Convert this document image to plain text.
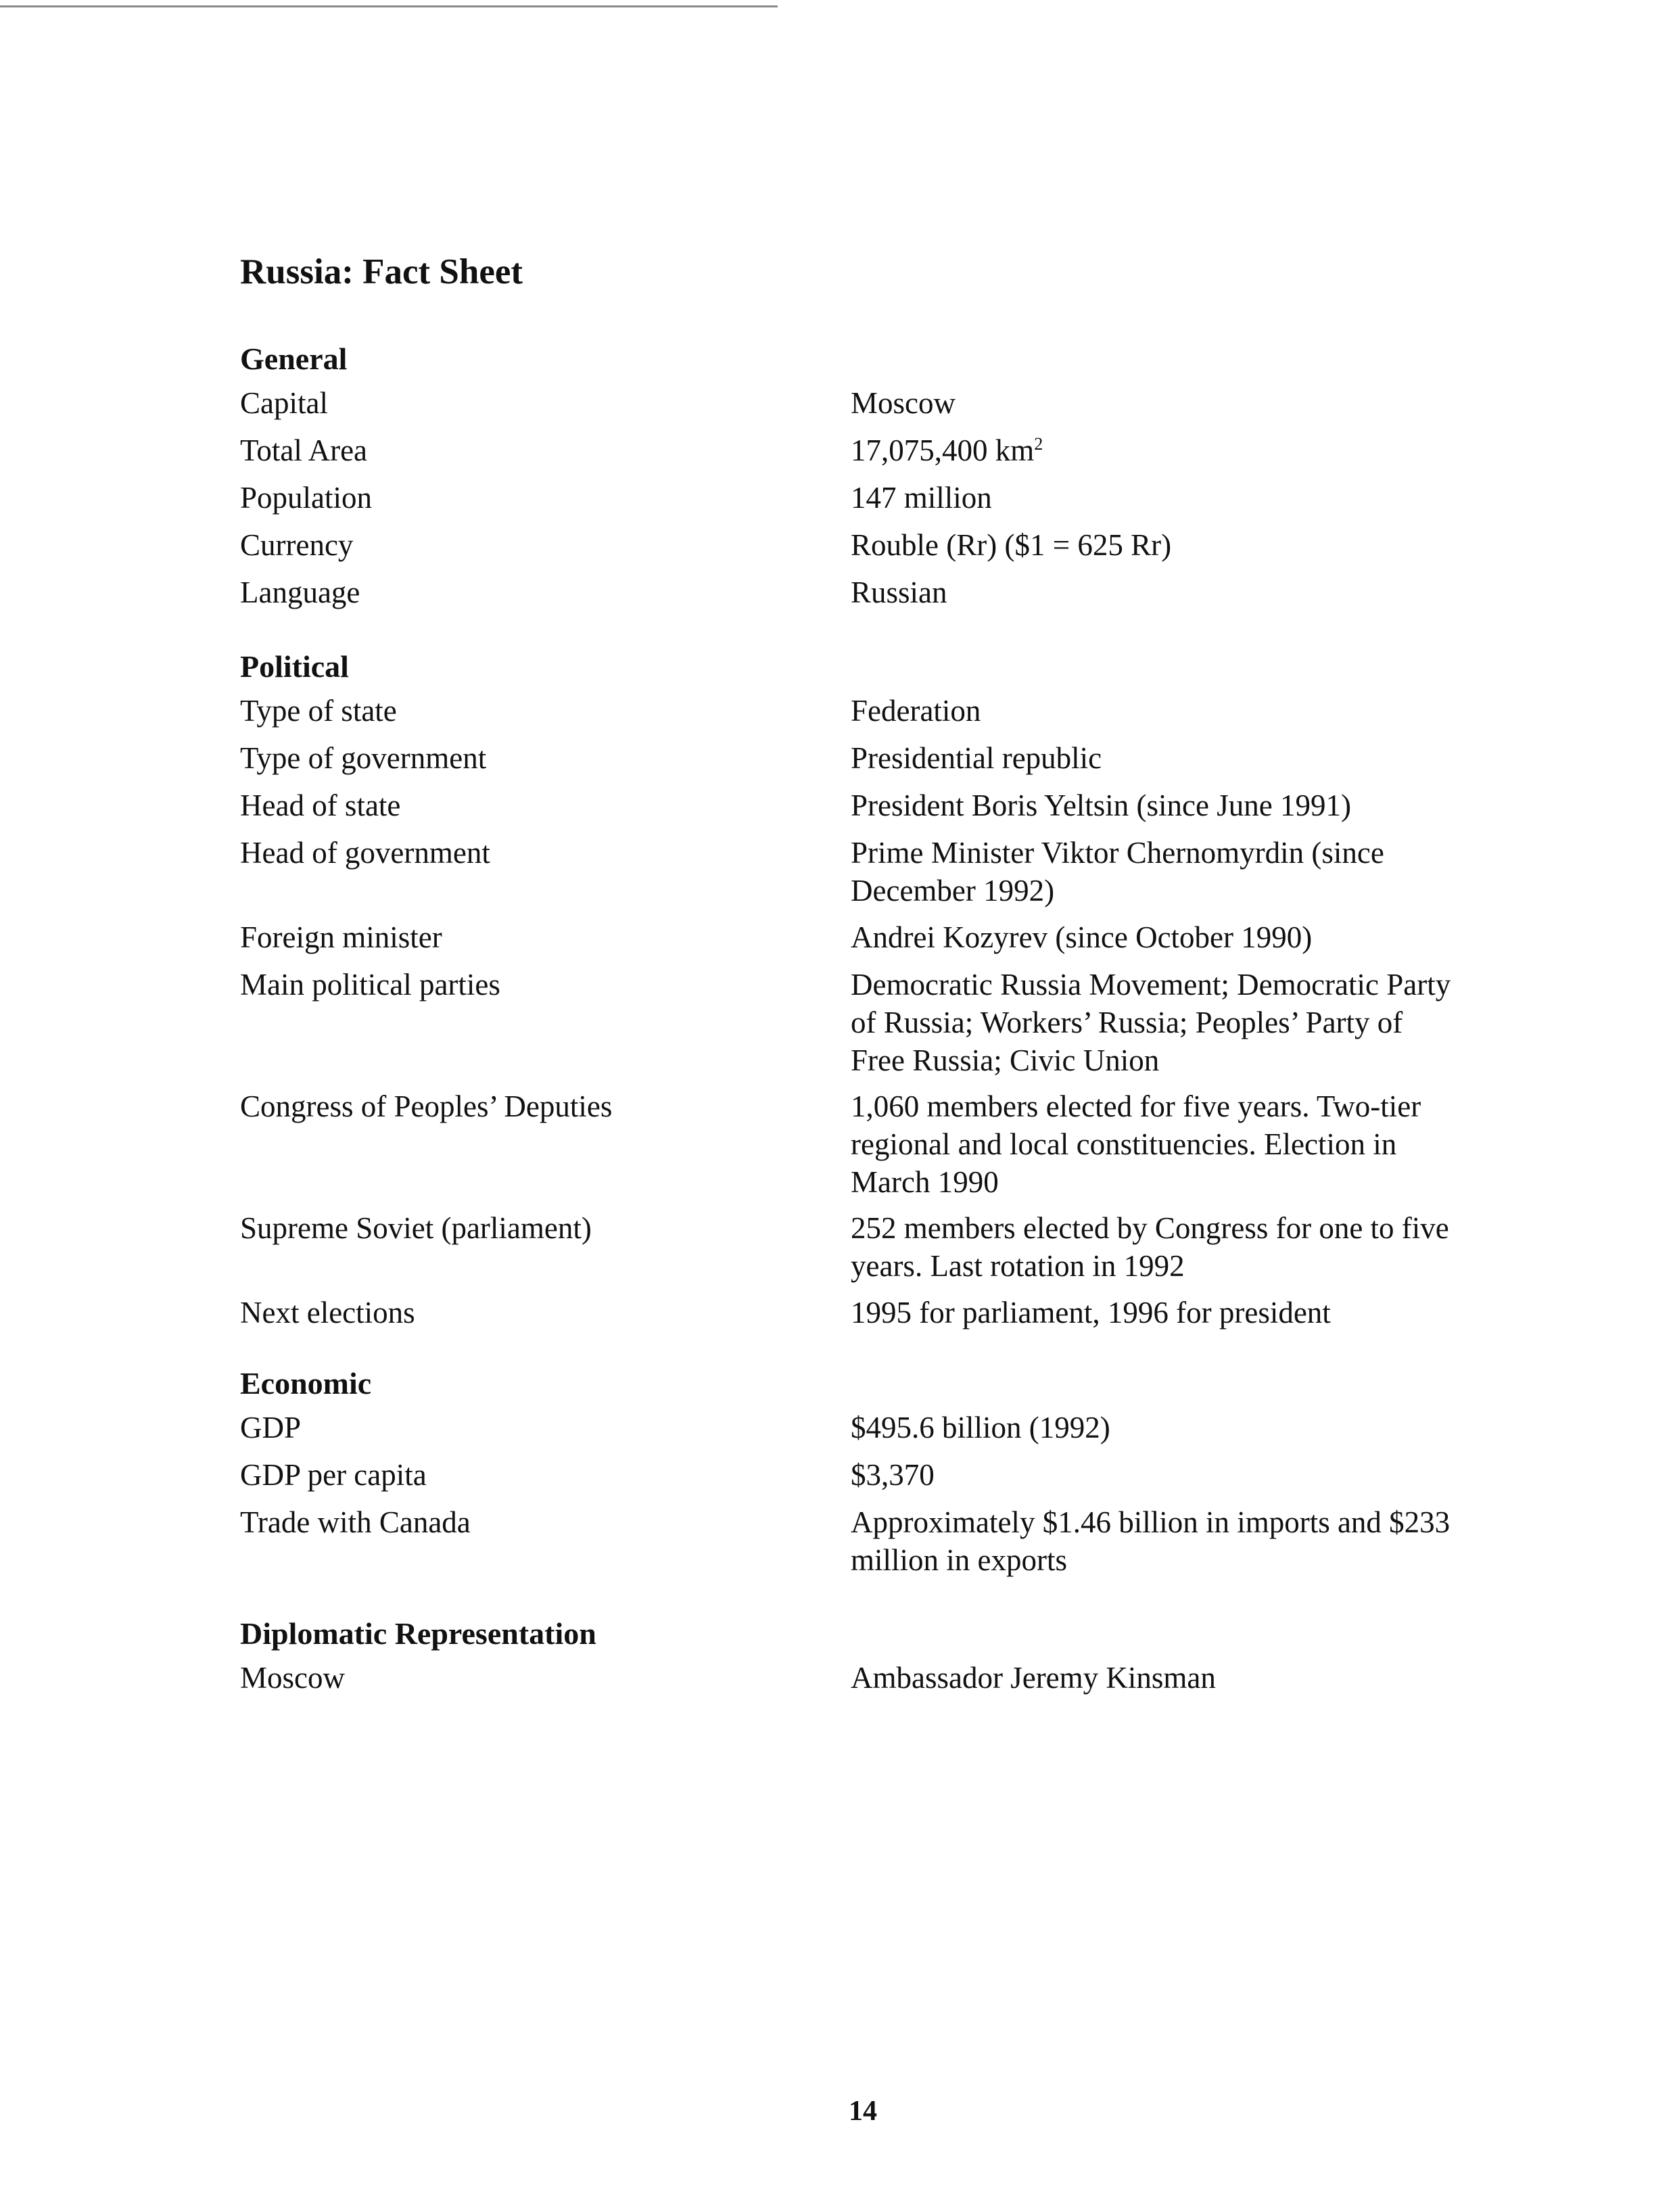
Russia: Fact Sheet
General
Capital	Moscow
Total Area	17,075,400 $km^2$
Population	147 million
Currency	Rouble (Rr) ($1 = 625 Rr)
Language	Russian
Political
Type of state	Federation
Type of government	Presidential republic
Head of state	President Boris Yeltsin (since June 1991)
Head of government	Prime Minister Viktor Chernomyrdin (since December 1992)
Foreign minister	Andrei Kozyrev (since October 1990)
Main political parties	Democratic Russia Movement; Democratic Party of Russia; Workers’ Russia; Peoples’ Party of Free Russia; Civic Union
Congress of Peoples’ Deputies	1,060 members elected for five years. Two-tier regional and local constituencies. Election in March 1990
Supreme Soviet (parliament)	252 members elected by Congress for one to five years. Last rotation in 1992
Next elections	1995 for parliament, 1996 for president
Economic
GDP	$495.6 billion (1992)
GDP per capita	$3,370
Trade with Canada	Approximately $1.46 billion in imports and $233 million in exports
Diplomatic Representation
Moscow	Ambassador Jeremy Kinsman
14
